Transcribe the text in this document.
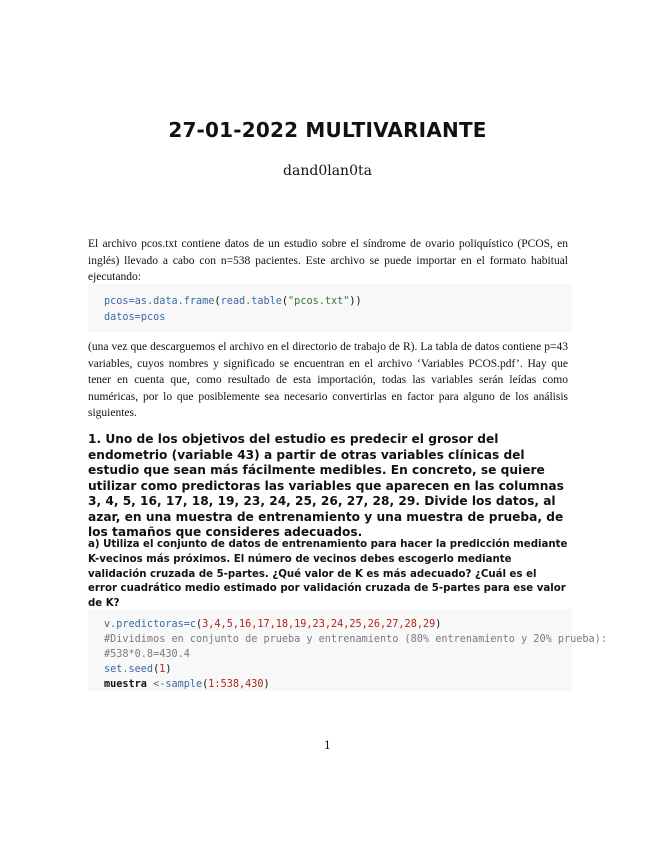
27-01-2022 MULTIVARIANTE
dand0lan0ta
El archivo pcos.txt contiene datos de un estudio sobre el síndrome de ovario poliquístico (PCOS, en inglés) llevado a cabo con n=538 pacientes. Este archivo se puede importar en el formato habitual ejecutando:
pcos=as.data.frame(read.table("pcos.txt"))
datos=pcos
(una vez que descarguemos el archivo en el directorio de trabajo de R). La tabla de datos contiene p=43 variables, cuyos nombres y significado se encuentran en el archivo ‘Variables PCOS.pdf’. Hay que tener en cuenta que, como resultado de esta importación, todas las variables serán leídas como numéricas, por lo que posiblemente sea necesario convertirlas en factor para alguno de los análisis siguientes.
1. Uno de los objetivos del estudio es predecir el grosor del endometrio (variable 43) a partir de otras variables clínicas del estudio que sean más fácilmente medibles. En concreto, se quiere utilizar como predictoras las variables que aparecen en las columnas 3, 4, 5, 16, 17, 18, 19, 23, 24, 25, 26, 27, 28, 29. Divide los datos, al azar, en una muestra de entrenamiento y una muestra de prueba, de los tamaños que consideres adecuados.
a) Utiliza el conjunto de datos de entrenamiento para hacer la predicción mediante K-vecinos más próximos. El número de vecinos debes escogerlo mediante validación cruzada de 5-partes. ¿Qué valor de K es más adecuado? ¿Cuál es el error cuadrático medio estimado por validación cruzada de 5-partes para ese valor de K?
v.predictoras=c(3,4,5,16,17,18,19,23,24,25,26,27,28,29)
#Dividimos en conjunto de prueba y entrenamiento (80% entrenamiento y 20% prueba):
#538*0.8=430.4
set.seed(1)
muestra <-sample(1:538,430)
1
